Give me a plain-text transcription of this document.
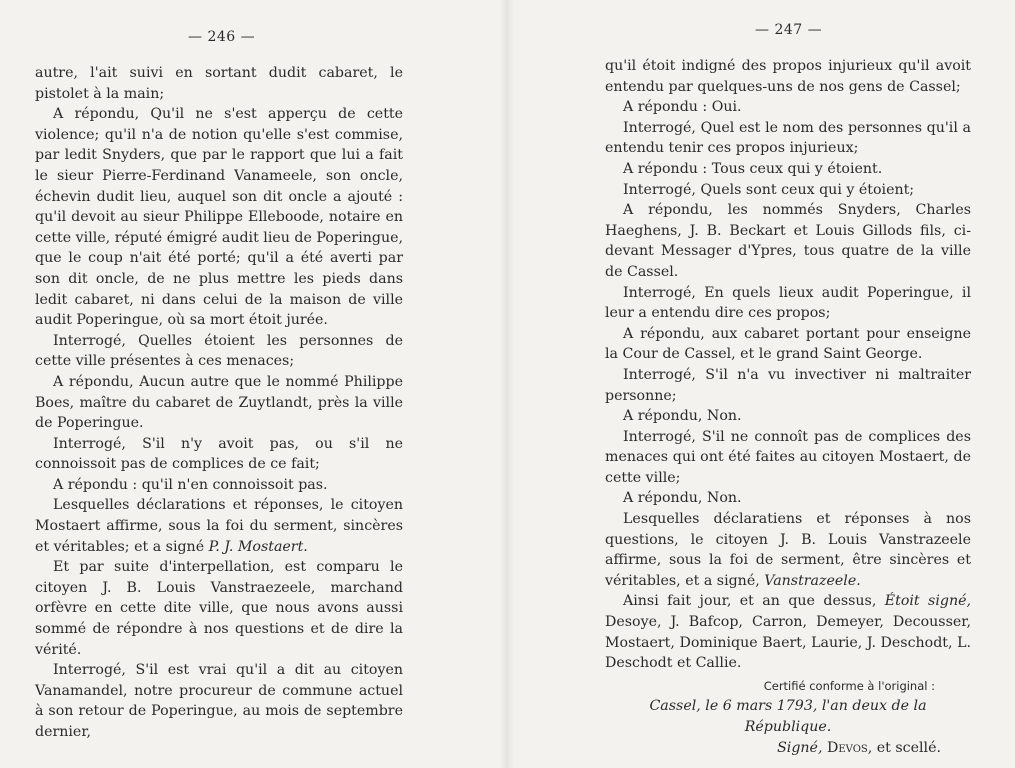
— 246 —

autre, l'ait suivi en sortant dudit cabaret, le pistolet à la main;

A répondu, Qu'il ne s'est apperçu de cette violence; qu'il n'a de notion qu'elle s'est commise, par ledit Snyders, que par le rapport que lui a fait le sieur Pierre-Ferdinand Vanameele, son oncle, échevin dudit lieu, auquel son dit oncle a ajouté : qu'il devoit au sieur Philippe Elleboode, notaire en cette ville, réputé émigré audit lieu de Poperingue, que le coup n'ait été porté; qu'il a été averti par son dit oncle, de ne plus mettre les pieds dans ledit cabaret, ni dans celui de la maison de ville audit Poperingue, où sa mort étoit jurée.

Interrogé, Quelles étoient les personnes de cette ville présentes à ces menaces;

A répondu, Aucun autre que le nommé Philippe Boes, maître du cabaret de Zuytlandt, près la ville de Poperingue.

Interrogé, S'il n'y avoit pas, ou s'il ne connoissoit pas de complices de ce fait;

A répondu : qu'il n'en connoissoit pas.

Lesquelles déclarations et réponses, le citoyen Mostaert affirme, sous la foi du serment, sincères et véritables; et a signé P. J. Mostaert.

Et par suite d'interpellation, est comparu le citoyen J. B. Louis Vanstraezeele, marchand orfèvre en cette dite ville, que nous avons aussi sommé de répondre à nos questions et de dire la vérité.

Interrogé, S'il est vrai qu'il a dit au citoyen Vanamandel, notre procureur de commune actuel à son retour de Poperingue, au mois de septembre dernier,

— 247 —

qu'il étoit indigné des propos injurieux qu'il avoit entendu par quelques-uns de nos gens de Cassel;

A répondu : Oui.

Interrogé, Quel est le nom des personnes qu'il a entendu tenir ces propos injurieux;

A répondu : Tous ceux qui y étoient.

Interrogé, Quels sont ceux qui y étoient;

A répondu, les nommés Snyders, Charles Haeghens, J. B. Beckart et Louis Gillods fils, ci-devant Messager d'Ypres, tous quatre de la ville de Cassel.

Interrogé, En quels lieux audit Poperingue, il leur a entendu dire ces propos;

A répondu, aux cabaret portant pour enseigne la Cour de Cassel, et le grand Saint George.

Interrogé, S'il n'a vu invectiver ni maltraiter personne;

A répondu, Non.

Interrogé, S'il ne connoît pas de complices des menaces qui ont été faites au citoyen Mostaert, de cette ville;

A répondu, Non.

Lesquelles déclaratiens et réponses à nos questions, le citoyen J. B. Louis Vanstrazeele affirme, sous la foi de serment, être sincères et véritables, et a signé, Vanstrazeele.

Ainsi fait jour, et an que dessus, Étoit signé, Desoye, J. Bafcop, Carron, Demeyer, Decousser, Mostaert, Dominique Baert, Laurie, J. Deschodt, L. Deschodt et Callie.

Certifié conforme à l'original :
Cassel, le 6 mars 1793, l'an deux de la République.
Signé, Devos, et scellé.
